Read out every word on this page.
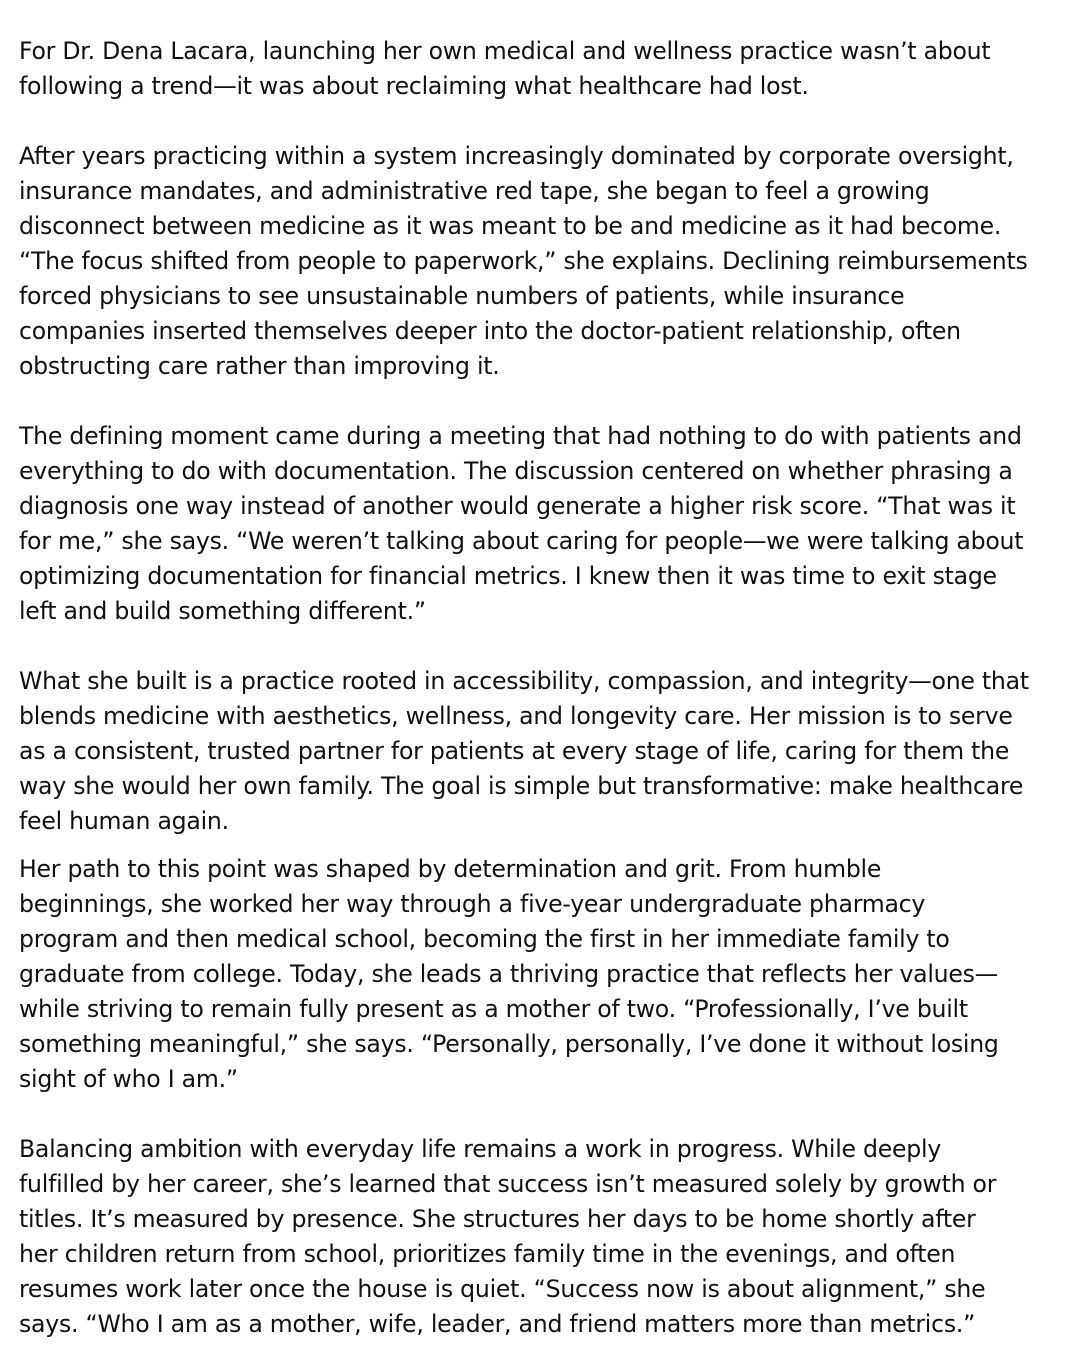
For Dr. Dena Lacara, launching her own medical and wellness practice wasn’t about
following a trend—it was about reclaiming what healthcare had lost.
After years practicing within a system increasingly dominated by corporate oversight,
insurance mandates, and administrative red tape, she began to feel a growing
disconnect between medicine as it was meant to be and medicine as it had become.
“The focus shifted from people to paperwork,” she explains. Declining reimbursements
forced physicians to see unsustainable numbers of patients, while insurance
companies inserted themselves deeper into the doctor-patient relationship, often
obstructing care rather than improving it.
The defining moment came during a meeting that had nothing to do with patients and
everything to do with documentation. The discussion centered on whether phrasing a
diagnosis one way instead of another would generate a higher risk score. “That was it
for me,” she says. “We weren’t talking about caring for people—we were talking about
optimizing documentation for financial metrics. I knew then it was time to exit stage
left and build something different.”
What she built is a practice rooted in accessibility, compassion, and integrity—one that
blends medicine with aesthetics, wellness, and longevity care. Her mission is to serve
as a consistent, trusted partner for patients at every stage of life, caring for them the
way she would her own family. The goal is simple but transformative: make healthcare
feel human again.
Her path to this point was shaped by determination and grit. From humble
beginnings, she worked her way through a five-year undergraduate pharmacy
program and then medical school, becoming the first in her immediate family to
graduate from college. Today, she leads a thriving practice that reflects her values—
while striving to remain fully present as a mother of two. “Professionally, I’ve built
something meaningful,” she says. “Personally, personally, I’ve done it without losing
sight of who I am.”
Balancing ambition with everyday life remains a work in progress. While deeply
fulfilled by her career, she’s learned that success isn’t measured solely by growth or
titles. It’s measured by presence. She structures her days to be home shortly after
her children return from school, prioritizes family time in the evenings, and often
resumes work later once the house is quiet. “Success now is about alignment,” she
says. “Who I am as a mother, wife, leader, and friend matters more than metrics.”
